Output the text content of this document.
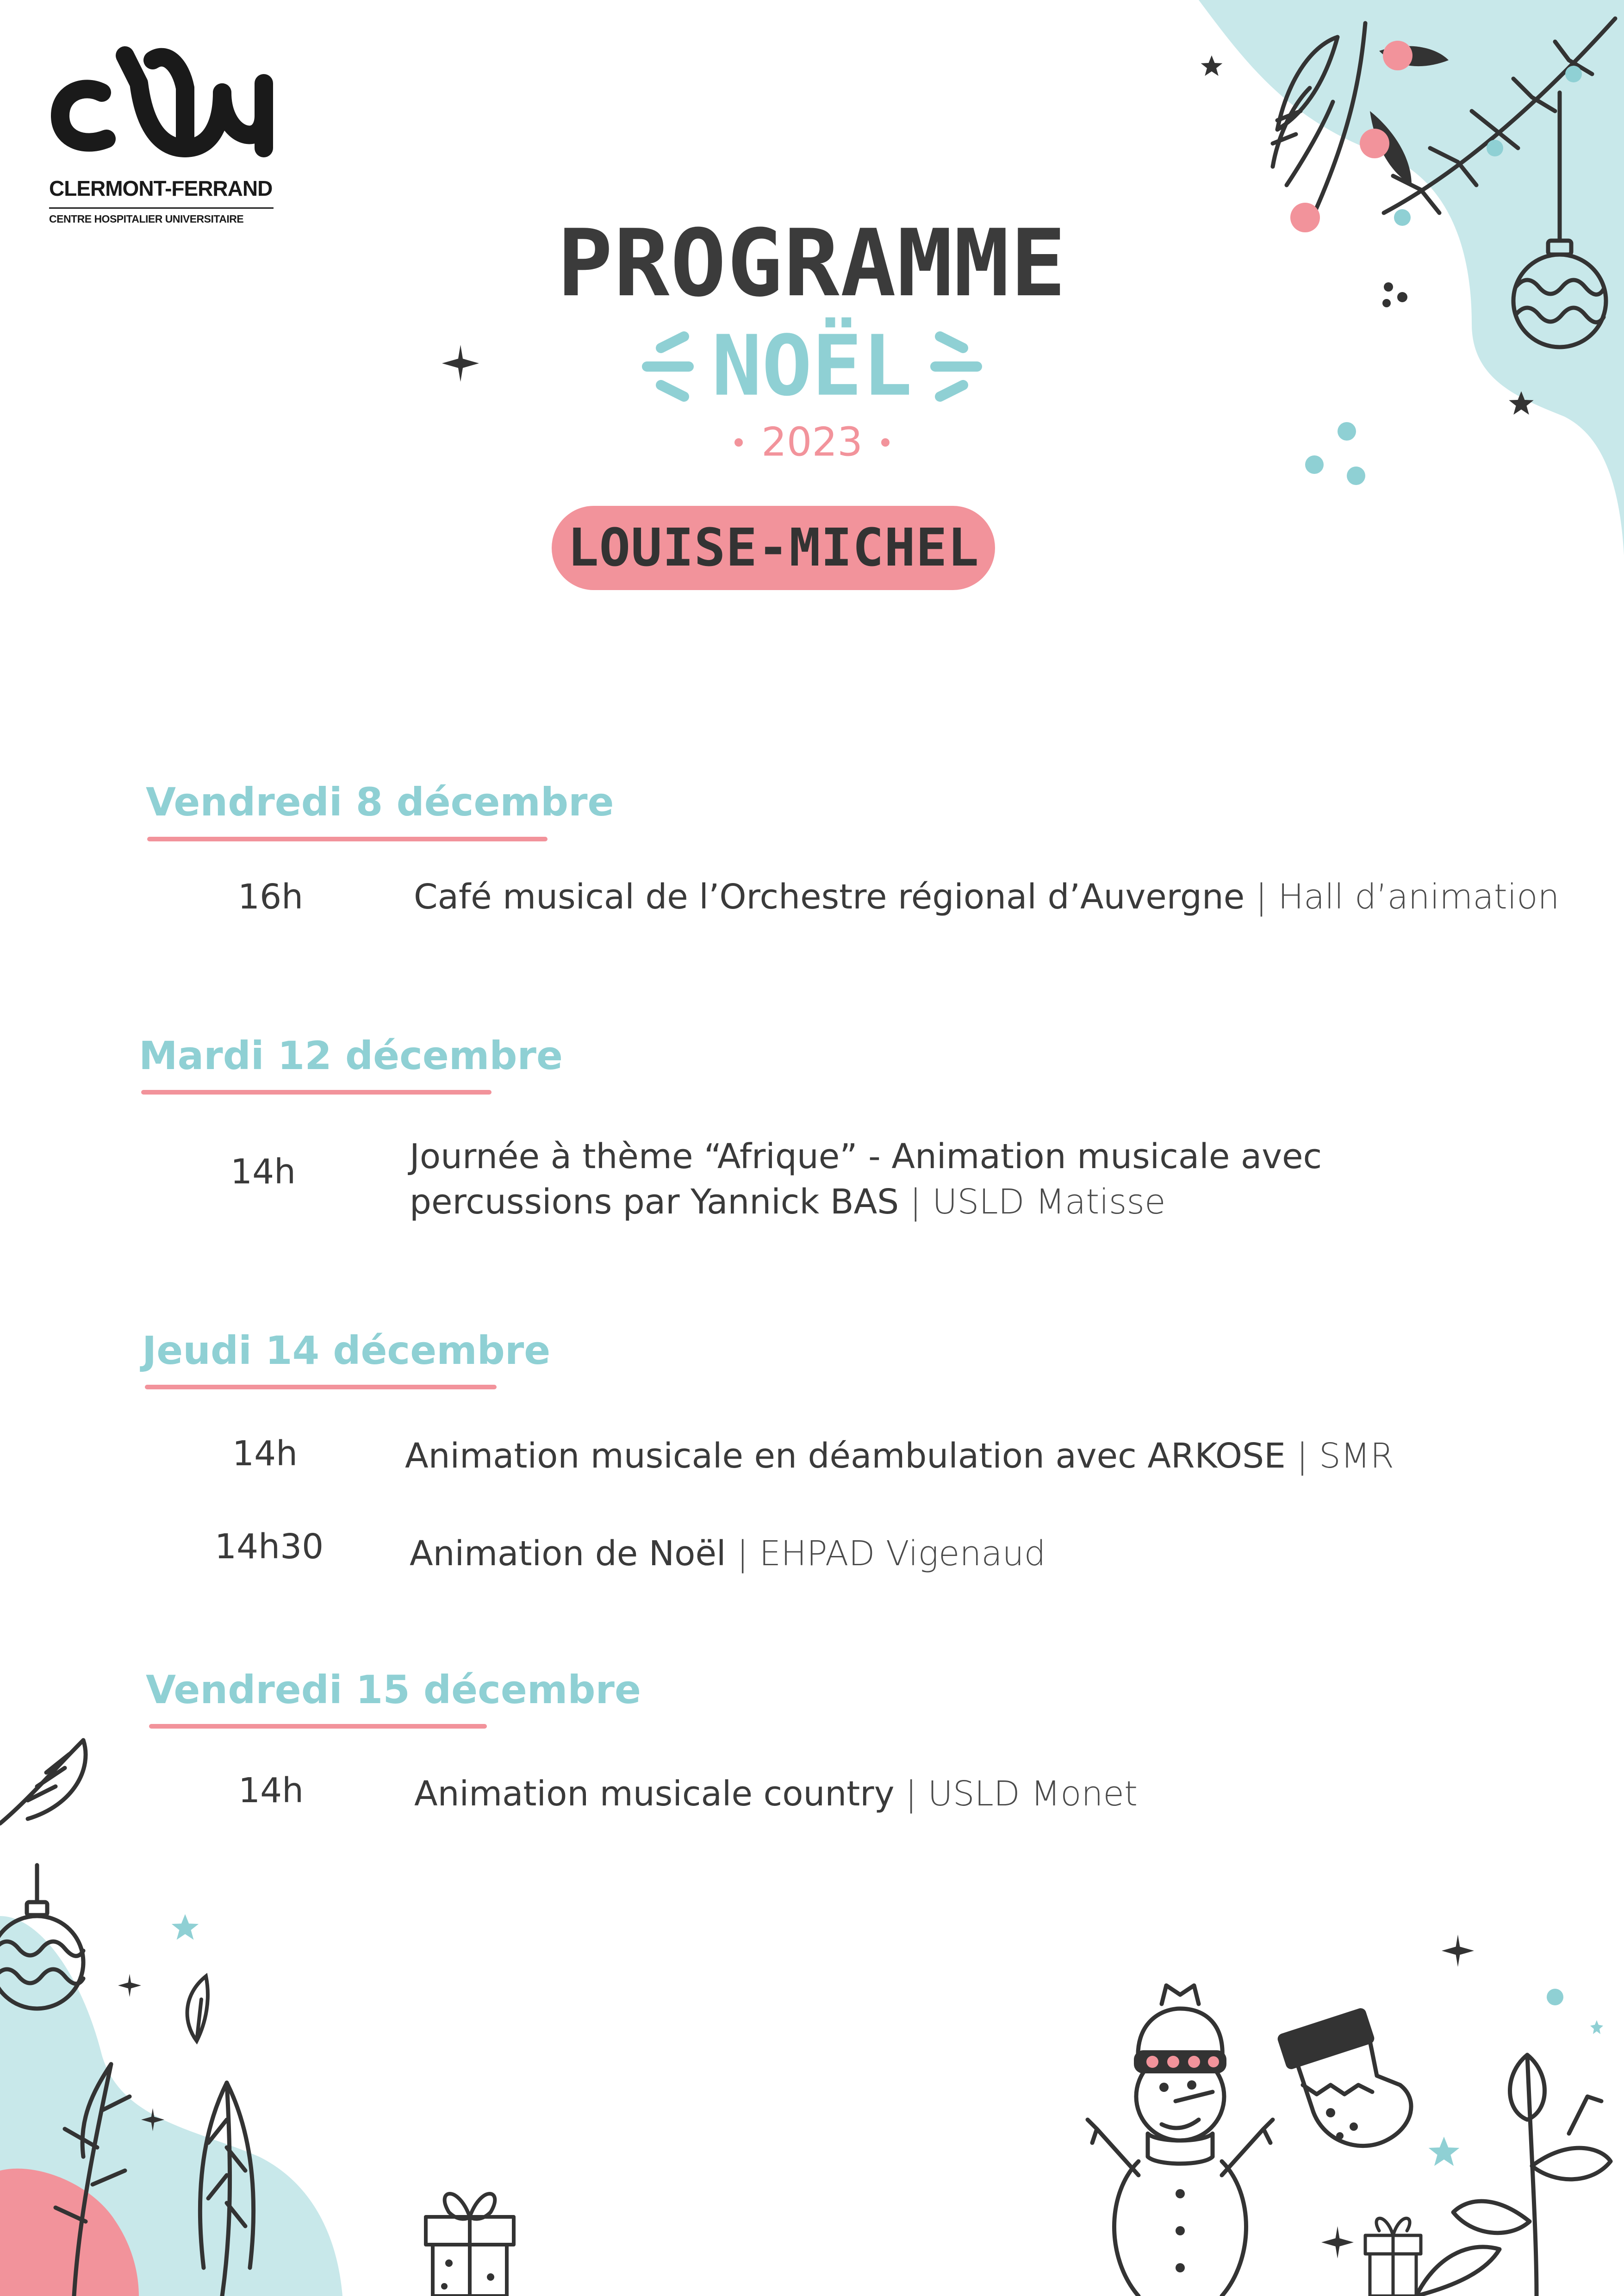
CLERMONT-FERRAND
CENTRE HOSPITALIER UNIVERSITAIRE	PROGRAMME
NOËL
2023
LOUISE-MICHEL
Vendredi 8 décembre
16h	Café musical de l’Orchestre régional d’Auvergne | Hall d’animation
Mardi 12 décembre
14h	Journée à thème “Afrique” - Animation musicale avec
percussions par Yannick BAS | USLD Matisse
Jeudi 14 décembre
14h	Animation musicale en déambulation avec ARKOSE | SMR
14h30	Animation de Noël | EHPAD Vigenaud
Vendredi 15 décembre
14h	Animation musicale country | USLD Monet
